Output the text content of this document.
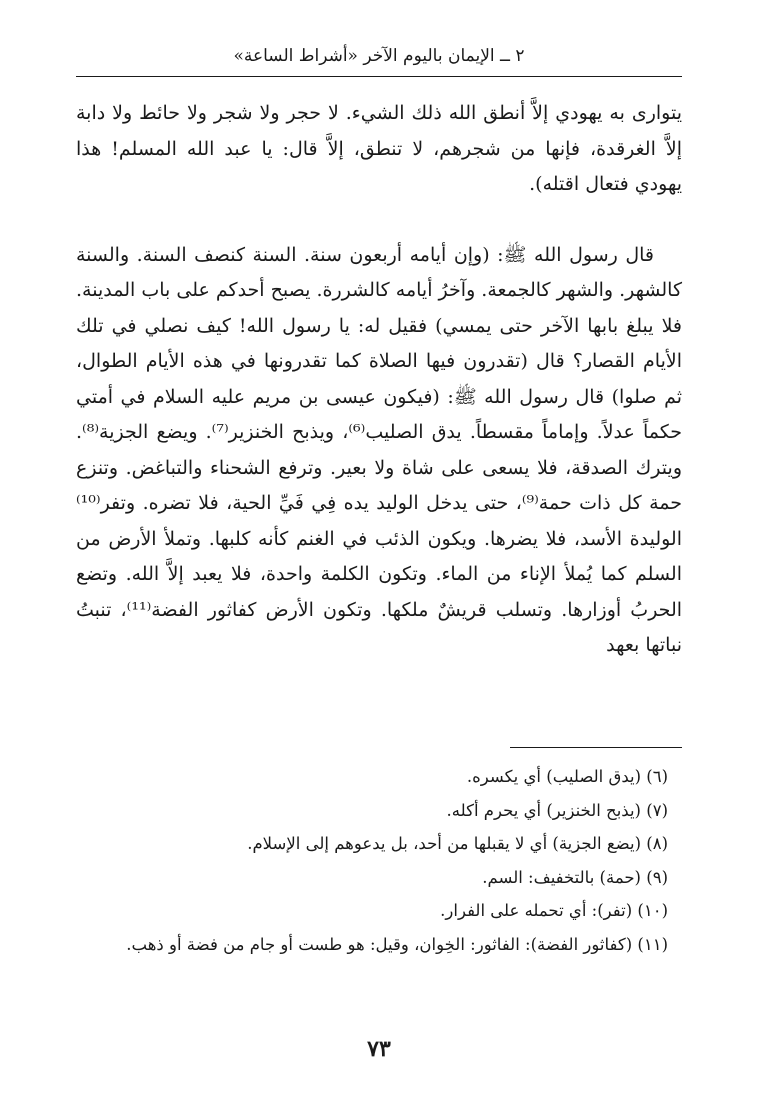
٢ ــ الإيمان باليوم الآخر «أشراط الساعة»

يتوارى به يهودي إلاَّ أنطق الله ذلك الشيء. لا حجر ولا شجر ولا حائط ولا دابة إلاَّ الغرقدة، فإنها من شجرهم، لا تنطق، إلاَّ قال: يا عبد الله المسلم! هذا يهودي فتعال اقتله).

قال رسول الله ﷺ: (وإن أيامه أربعون سنة. السنة كنصف السنة. والسنة كالشهر. والشهر كالجمعة. وآخرُ أيامه كالشررة. يصبح أحدكم على باب المدينة. فلا يبلغ بابها الآخر حتى يمسي) فقيل له: يا رسول الله! كيف نصلي في تلك الأيام القصار؟ قال (تقدرون فيها الصلاة كما تقدرونها في هذه الأيام الطوال، ثم صلوا) قال رسول الله ﷺ: (فيكون عيسى بن مريم عليه السلام في أمتي حكماً عدلاً. وإماماً مقسطاً. يدق الصليب⁽⁶⁾، ويذبح الخنزير⁽⁷⁾. ويضع الجزية⁽⁸⁾. ويترك الصدقة، فلا يسعى على شاة ولا بعير. وترفع الشحناء والتباغض. وتنزع حمة كل ذات حمة⁽⁹⁾، حتى يدخل الوليد يده فِي فَيِّ الحية، فلا تضره. وتفر⁽¹⁰⁾ الوليدة الأسد، فلا يضرها. ويكون الذئب في الغنم كأنه كلبها. وتملأ الأرض من السلم كما يُملأ الإناء من الماء. وتكون الكلمة واحدة، فلا يعبد إلاَّ الله. وتضع الحربُ أوزارها. وتسلب قريشٌ ملكها. وتكون الأرض كفاثور الفضة⁽¹¹⁾، تنبتُ نباتها بعهد

(٦) (يدق الصليب) أي يكسره.
(٧) (يذبح الخنزير) أي يحرم أكله.
(٨) (يضع الجزية) أي لا يقبلها من أحد، بل يدعوهم إلى الإسلام.
(٩) (حمة) بالتخفيف: السم.
(١٠) (تفر): أي تحمله على الفرار.
(١١) (كفاثور الفضة): الفاثور: الخِوان، وقيل: هو طست أو جام من فضة أو ذهب.
٧٣
